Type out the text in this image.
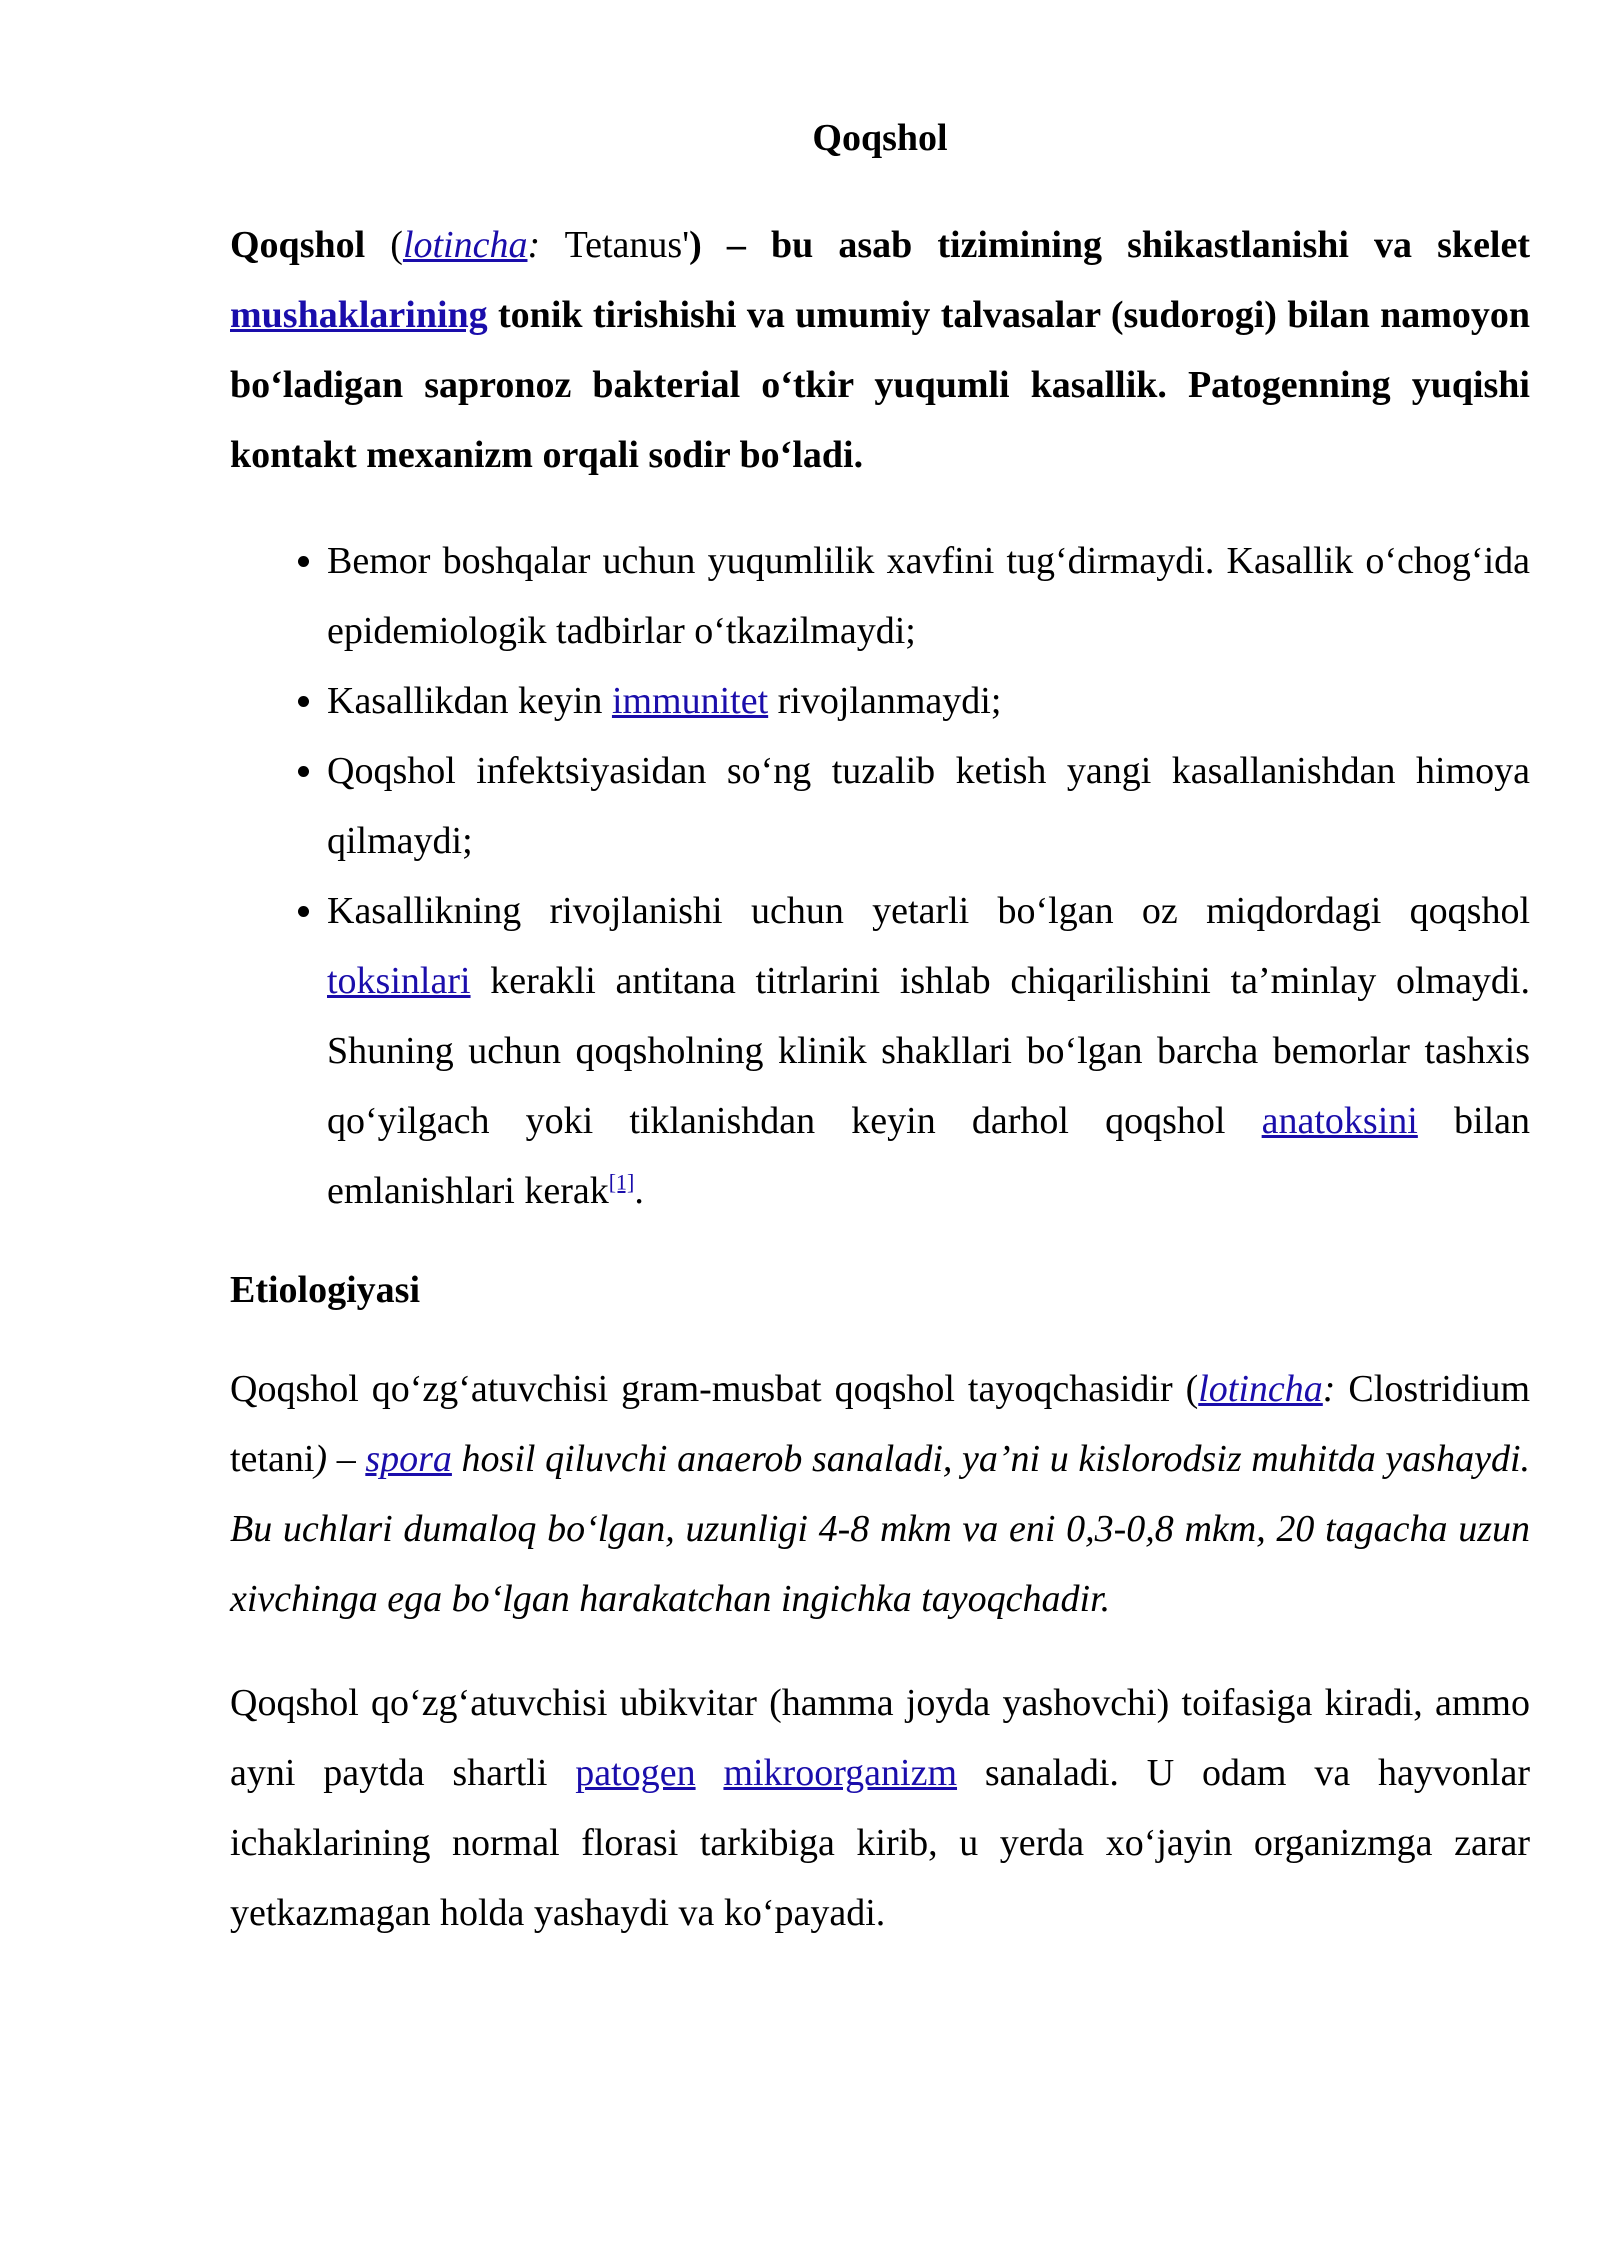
Qoqshol

Qoqshol (lotincha: Tetanus') – bu asab tizimining shikastlanishi va skelet mushaklarining tonik tirishishi va umumiy talvasalar (sudorogi) bilan namoyon bo‘ladigan sapronoz bakterial o‘tkir yuqumli kasallik. Patogenning yuqishi kontakt mexanizm orqali sodir bo‘ladi.

• Bemor boshqalar uchun yuqumlilik xavfini tug‘dirmaydi. Kasallik o‘chog‘ida epidemiologik tadbirlar o‘tkazilmaydi;
• Kasallikdan keyin immunitet rivojlanmaydi;
• Qoqshol infektsiyasidan so‘ng tuzalib ketish yangi kasallanishdan himoya qilmaydi;
• Kasallikning rivojlanishi uchun yetarli bo‘lgan oz miqdordagi qoqshol toksinlari kerakli antitana titrlarini ishlab chiqarilishini ta’minlay olmaydi. Shuning uchun qoqsholning klinik shakllari bo‘lgan barcha bemorlar tashxis qo‘yilgach yoki tiklanishdan keyin darhol qoqshol anatoksini bilan emlanishlari kerak[1].
Etiologiyasi

Qoqshol qo‘zg‘atuvchisi gram-musbat qoqshol tayoqchasidir (lotincha: Clostridium tetani) – spora hosil qiluvchi anaerob sanaladi, ya’ni u kislorodsiz muhitda yashaydi. Bu uchlari dumaloq bo‘lgan, uzunligi 4-8 mkm va eni 0,3-0,8 mkm, 20 tagacha uzun xivchinga ega bo‘lgan harakatchan ingichka tayoqchadir.

Qoqshol qo‘zg‘atuvchisi ubikvitar (hamma joyda yashovchi) toifasiga kiradi, ammo ayni paytda shartli patogen mikroorganizm sanaladi. U odam va hayvonlar ichaklarining normal florasi tarkibiga kirib, u yerda xo‘jayin organizmga zarar yetkazmagan holda yashaydi va ko‘payadi.
